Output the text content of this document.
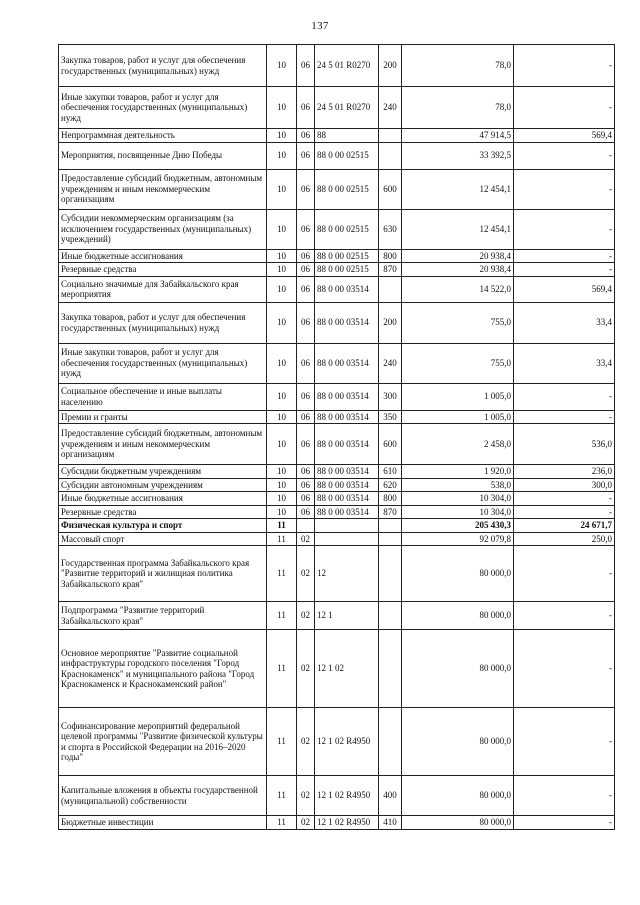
137
Закупка товаров, работ и услуг для обеспечения государственных (муниципальных) нужд	10	06	24 5 01 R0270	200	78,0	-
Иные закупки товаров, работ и услуг для обеспечения государственных (муниципальных) нужд	10	06	24 5 01 R0270	240	78,0	-
Непрограммная деятельность	10	06	88		47 914,5	569,4
Мероприятия, посвященные Дню Победы	10	06	88 0 00 02515		33 392,5	-
Предоставление субсидий бюджетным, автономным учреждениям и иным некоммерческим организациям	10	06	88 0 00 02515	600	12 454,1	-
Субсидии некоммерческим организациям (за исключением государственных (муниципальных) учреждений)	10	06	88 0 00 02515	630	12 454,1	-
Иные бюджетные ассигнования	10	06	88 0 00 02515	800	20 938,4	-
Резервные средства	10	06	88 0 00 02515	870	20 938,4	-
Социально значимые для Забайкальского края мероприятия	10	06	88 0 00 03514		14 522,0	569,4
Закупка товаров, работ и услуг для обеспечения государственных (муниципальных) нужд	10	06	88 0 00 03514	200	755,0	33,4
Иные закупки товаров, работ и услуг для обеспечения государственных (муниципальных) нужд	10	06	88 0 00 03514	240	755,0	33,4
Социальное обеспечение и иные выплаты населению	10	06	88 0 00 03514	300	1 005,0	-
Премии и гранты	10	06	88 0 00 03514	350	1 005,0	-
Предоставление субсидий бюджетным, автономным учреждениям и иным некоммерческим организациям	10	06	88 0 00 03514	600	2 458,0	536,0
Субсидии бюджетным учреждениям	10	06	88 0 00 03514	610	1 920,0	236,0
Субсидии автономным учреждениям	10	06	88 0 00 03514	620	538,0	300,0
Иные бюджетные ассигнования	10	06	88 0 00 03514	800	10 304,0	-
Резервные средства	10	06	88 0 00 03514	870	10 304,0	-
Физическая культура и спорт	11				205 430,3	24 671,7
Массовый спорт	11	02			92 079,8	250,0
Государственная программа Забайкальского края "Развитие территорий и жилищная политика Забайкальского края"	11	02	12		80 000,0	-
Подпрограмма "Развитие территорий Забайкальского края"	11	02	12 1		80 000,0	-
Основное мероприятие "Развитие социальной инфраструктуры городского поселения "Город Краснокаменск" и муниципального района "Город Краснокаменск и Краснокаменский район"	11	02	12 1 02		80 000,0	-
Софинансирование мероприятий федеральной целевой программы "Развитие физической культуры и спорта в Российской Федерации на 2016–2020 годы"	11	02	12 1 02 R4950		80 000,0	-
Капитальные вложения в объекты государственной (муниципальной) собственности	11	02	12 1 02 R4950	400	80 000,0	-
Бюджетные инвестиции	11	02	12 1 02 R4950	410	80 000,0	-
